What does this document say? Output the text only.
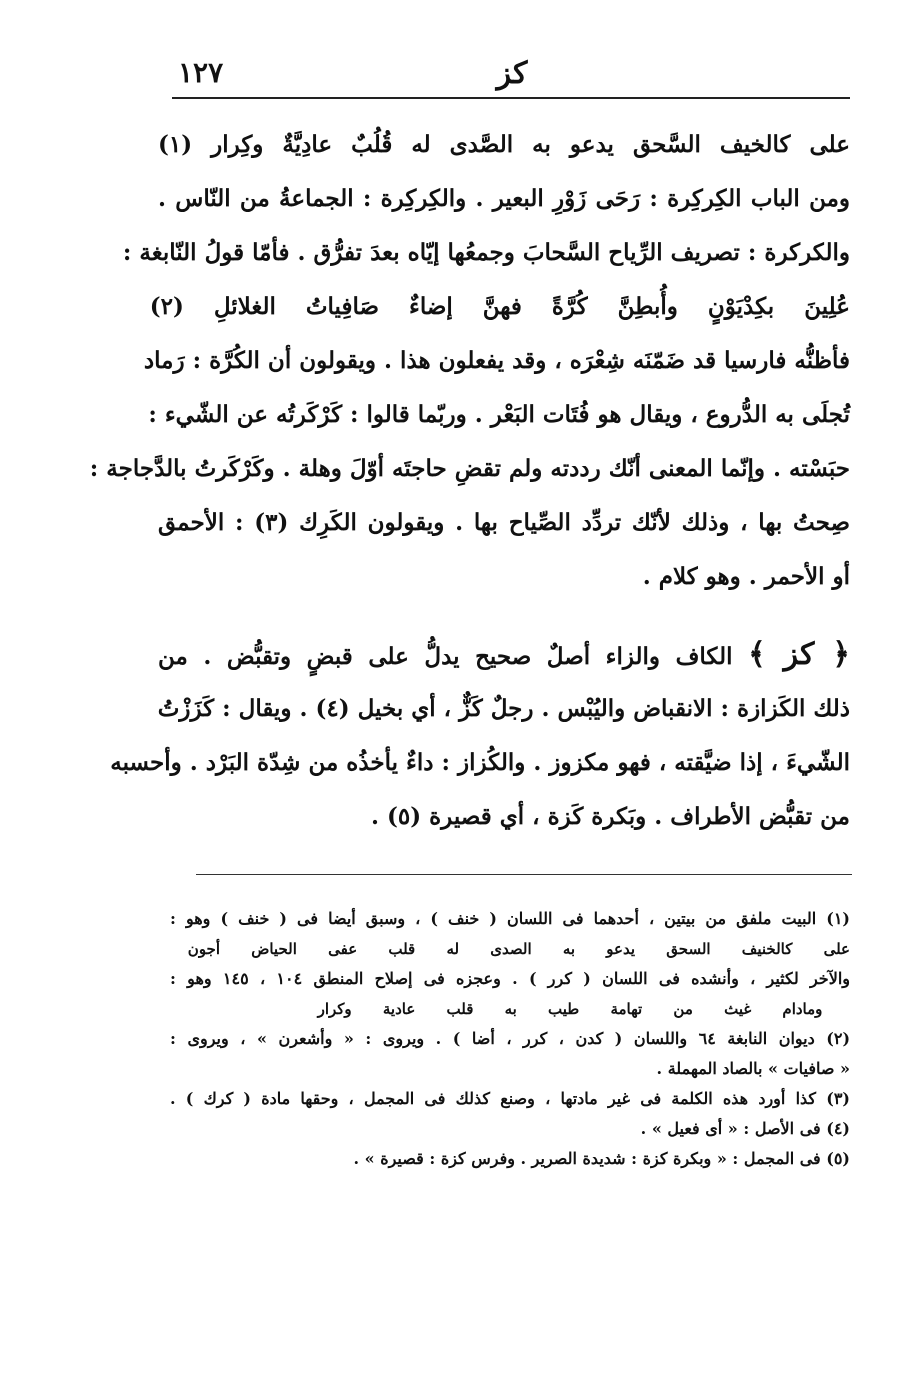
١٢٧	كز
على كالخيف السَّحق يدعو به الصَّدى له قُلُبٌ عادِيَّةٌ وكِرار (١)
ومن الباب الكِركِرة : رَحَى زَوْرِ البعير . والكِركِرة : الجماعةُ من النّاس .
والكركرة : تصريف الرِّياح السَّحابَ وجمعُها إيّاه بعدَ تفرُّق . فأمّا قولُ النّابغة :
عُلِينَ بكِدْيَوْنٍ وأُبطِنَّ كُرَّةً فهنَّ إضاءٌ صَافِياتُ الغلائلِ (٢)
فأظنُّه فارسيا قد ضَمّنَه شِعْرَه ، وقد يفعلون هذا . ويقولون أن الكُرَّة : رَماد
تُجلَى به الدُّروع ، ويقال هو فُتَات البَعْر . وربّما قالوا : كَرْكَرتُه عن الشّيء :
حبَسْته . وإنّما المعنى أنّك رددته ولم تقضِ حاجتَه أوّلَ وهلة . وكَرْكَرتُ بالدَّجاجة :
صِحتُ بها ، وذلك لأنّك تردِّد الصِّياح بها . ويقولون الكَرِك (٣) : الأحمق
أو الأحمر . وهو كلام .
﴿ كز ﴾ الكاف والزاء أصلٌ صحيح يدلُّ على قبضٍ وتقبُّض . من
ذلك الكَزازة : الانقباض واليُبْس . رجلٌ كَزٌّ ، أي بخيل (٤) . ويقال : كَزَزْتُ
الشّيءَ ، إذا ضيَّقته ، فهو مكزوز . والكُزاز : داءٌ يأخذُه من شِدّة البَرْد . وأحسبه
من تقبُّض الأطراف . وبَكرة كَزة ، أي قصيرة (٥) .
(١) البيت ملفق من بيتين ، أحدهما فى اللسان ( خنف ) ، وسبق أيضا فى ( خنف ) وهو :
على كالخنيف السحق يدعو به الصدى له قلب عفى الحياض أجون
والآخر لكثير ، وأنشده فى اللسان ( كرر ) . وعجزه فى إصلاح المنطق ١٠٤ ، ١٤٥ وهو :
ومادام غيث من تهامة طيب به قلب عادية وكرار
(٢) ديوان النابغة ٦٤ واللسان ( كدن ، كرر ، أضا ) . ويروى : « وأشعرن » ، ويروى :
« صافيات » بالصاد المهملة .
(٣) كذا أورد هذه الكلمة فى غير مادتها ، وصنع كذلك فى المجمل ، وحقها مادة ( كرك ) .
(٤) فى الأصل : « أى فعيل » .
(٥) فى المجمل : « وبكرة كزة : شديدة الصرير . وفرس كزة : قصيرة » .
